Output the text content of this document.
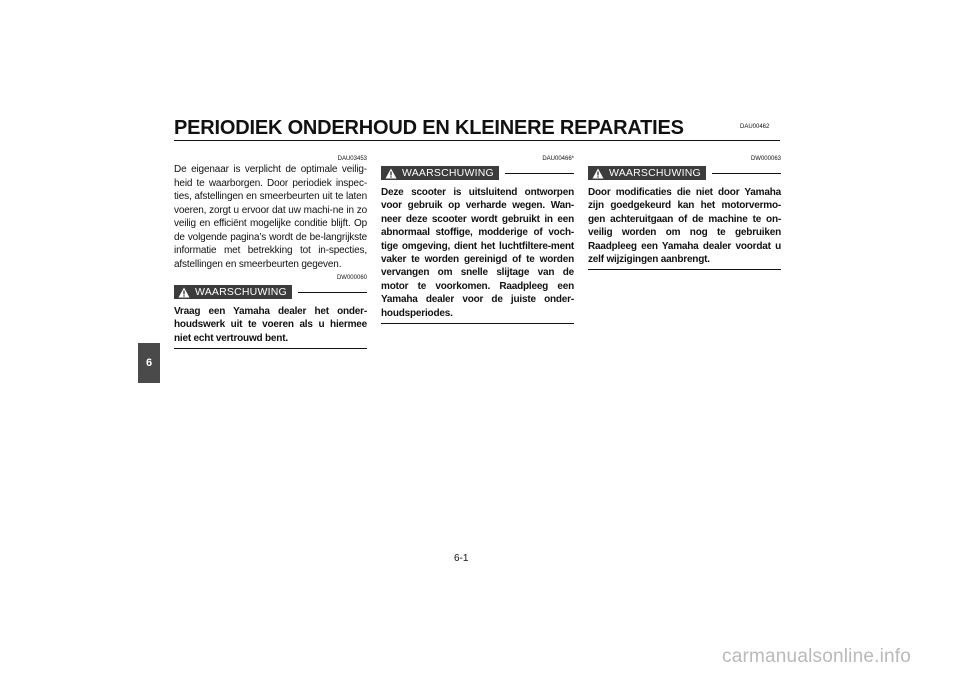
PERIODIEK ONDERHOUD EN KLEINERE REPARATIES	DAU00462
6
DAU03453

De eigenaar is verplicht de optimale veilig-heid te waarborgen. Door periodiek inspec-ties, afstellingen en smeerbeurten uit te laten voeren, zorgt u ervoor dat uw machi-ne in zo veilig en efficiënt mogelijke conditie blijft. Op de volgende pagina’s wordt de be-langrijkste informatie met betrekking tot in-specties, afstellingen en smeerbeurten gegeven.

DW000060
WAARSCHUWING

Vraag een Yamaha dealer het onder-houdswerk uit te voeren als u hiermee niet echt vertrouwd bent.

DAU00466*
WAARSCHUWING

Deze scooter is uitsluitend ontworpen voor gebruik op verharde wegen. Wan-neer deze scooter wordt gebruikt in een abnormaal stoffige, modderige of voch-tige omgeving, dient het luchtfiltere-ment vaker te worden gereinigd of te worden vervangen om snelle slijtage van de motor te voorkomen. Raadpleeg een Yamaha dealer voor de juiste onder-houdsperiodes.

DW000063
WAARSCHUWING

Door modificaties die niet door Yamaha zijn goedgekeurd kan het motorvermo-gen achteruitgaan of de machine te on-veilig worden om nog te gebruiken Raadpleeg een Yamaha dealer voordat u zelf wijzigingen aanbrengt.

6-1
carmanualsonline.info
